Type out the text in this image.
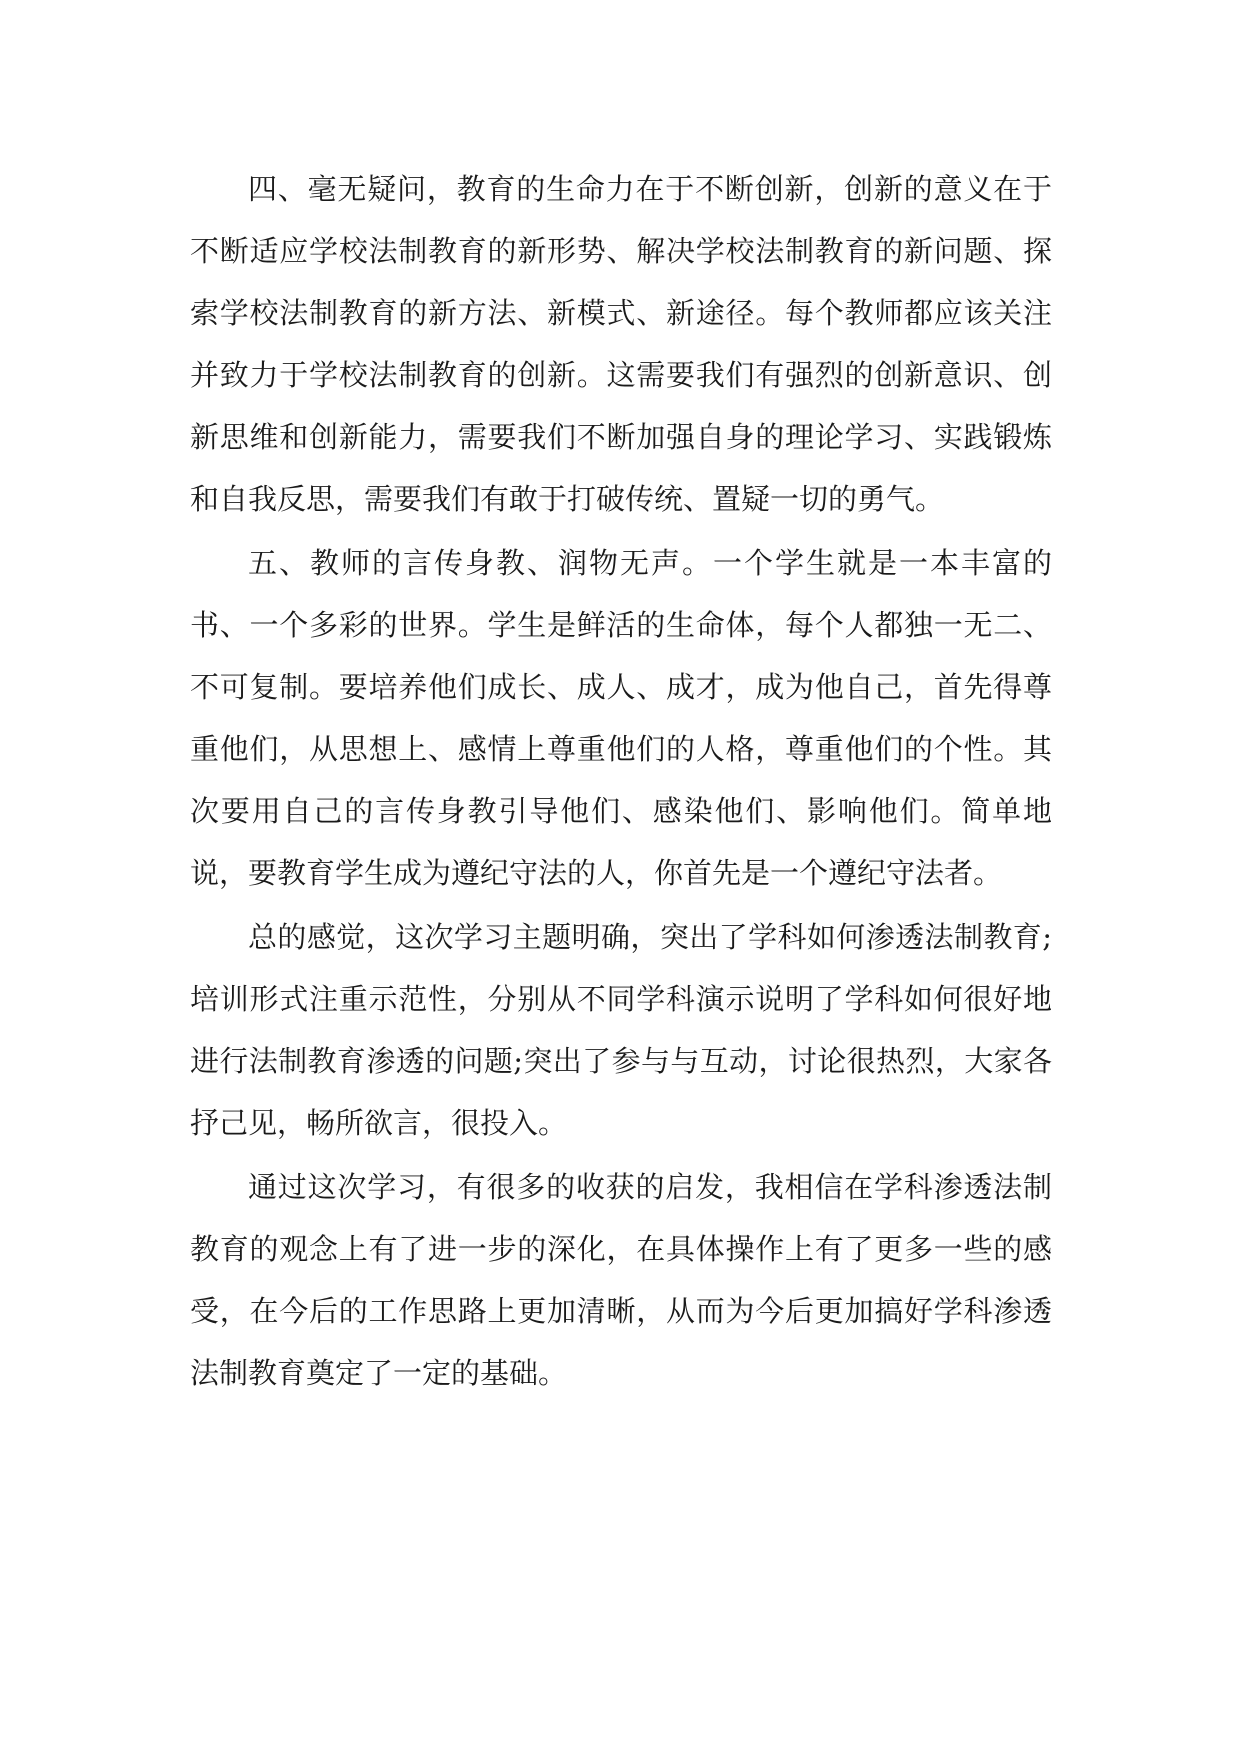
四、毫无疑问，教育的生命力在于不断创新，创新的意义在于不断适应学校法制教育的新形势、解决学校法制教育的新问题、探索学校法制教育的新方法、新模式、新途径。每个教师都应该关注并致力于学校法制教育的创新。这需要我们有强烈的创新意识、创新思维和创新能力，需要我们不断加强自身的理论学习、实践锻炼和自我反思，需要我们有敢于打破传统、置疑一切的勇气。

五、教师的言传身教、润物无声。一个学生就是一本丰富的书、一个多彩的世界。学生是鲜活的生命体，每个人都独一无二、不可复制。要培养他们成长、成人、成才，成为他自己，首先得尊重他们，从思想上、感情上尊重他们的人格，尊重他们的个性。其次要用自己的言传身教引导他们、感染他们、影响他们。简单地说，要教育学生成为遵纪守法的人，你首先是一个遵纪守法者。

总的感觉，这次学习主题明确，突出了学科如何渗透法制教育;培训形式注重示范性，分别从不同学科演示说明了学科如何很好地进行法制教育渗透的问题;突出了参与与互动，讨论很热烈，大家各抒己见，畅所欲言，很投入。

通过这次学习，有很多的收获的启发，我相信在学科渗透法制教育的观念上有了进一步的深化，在具体操作上有了更多一些的感受，在今后的工作思路上更加清晰，从而为今后更加搞好学科渗透法制教育奠定了一定的基础。
